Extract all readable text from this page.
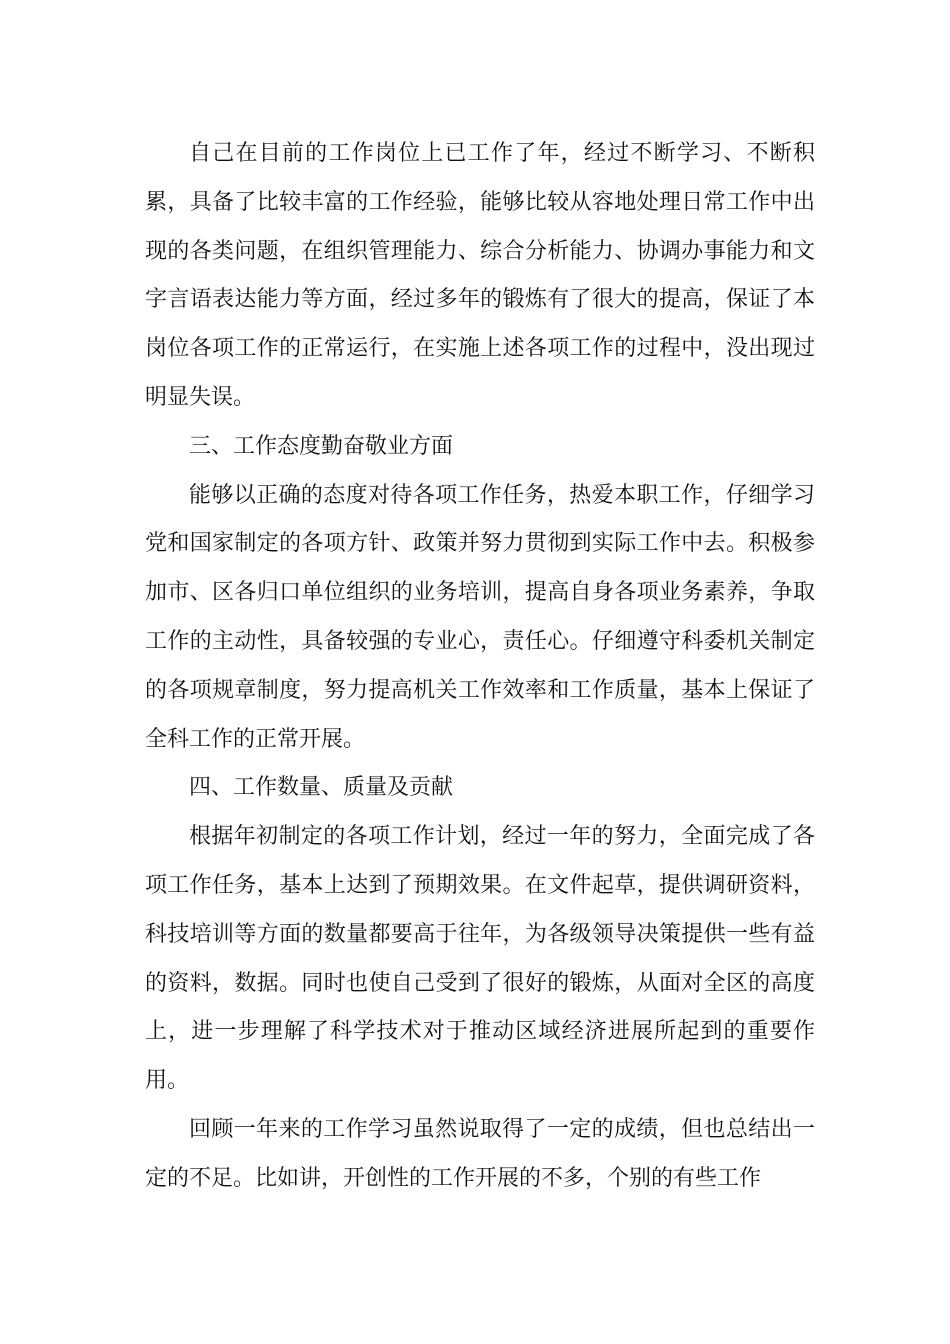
自己在目前的工作岗位上已工作了年，经过不断学习、不断积累，具备了比较丰富的工作经验，能够比较从容地处理日常工作中出现的各类问题，在组织管理能力、综合分析能力、协调办事能力和文字言语表达能力等方面，经过多年的锻炼有了很大的提高，保证了本岗位各项工作的正常运行，在实施上述各项工作的过程中，没出现过明显失误。

三、工作态度勤奋敬业方面

能够以正确的态度对待各项工作任务，热爱本职工作，仔细学习党和国家制定的各项方针、政策并努力贯彻到实际工作中去。积极参加市、区各归口单位组织的业务培训，提高自身各项业务素养，争取工作的主动性，具备较强的专业心，责任心。仔细遵守科委机关制定的各项规章制度，努力提高机关工作效率和工作质量，基本上保证了全科工作的正常开展。

四、工作数量、质量及贡献

根据年初制定的各项工作计划，经过一年的努力，全面完成了各项工作任务，基本上达到了预期效果。在文件起草，提供调研资料，科技培训等方面的数量都要高于往年，为各级领导决策提供一些有益的资料，数据。同时也使自己受到了很好的锻炼，从面对全区的高度上，进一步理解了科学技术对于推动区域经济进展所起到的重要作用。

回顾一年来的工作学习虽然说取得了一定的成绩，但也总结出一定的不足。比如讲，开创性的工作开展的不多，个别的有些工作
